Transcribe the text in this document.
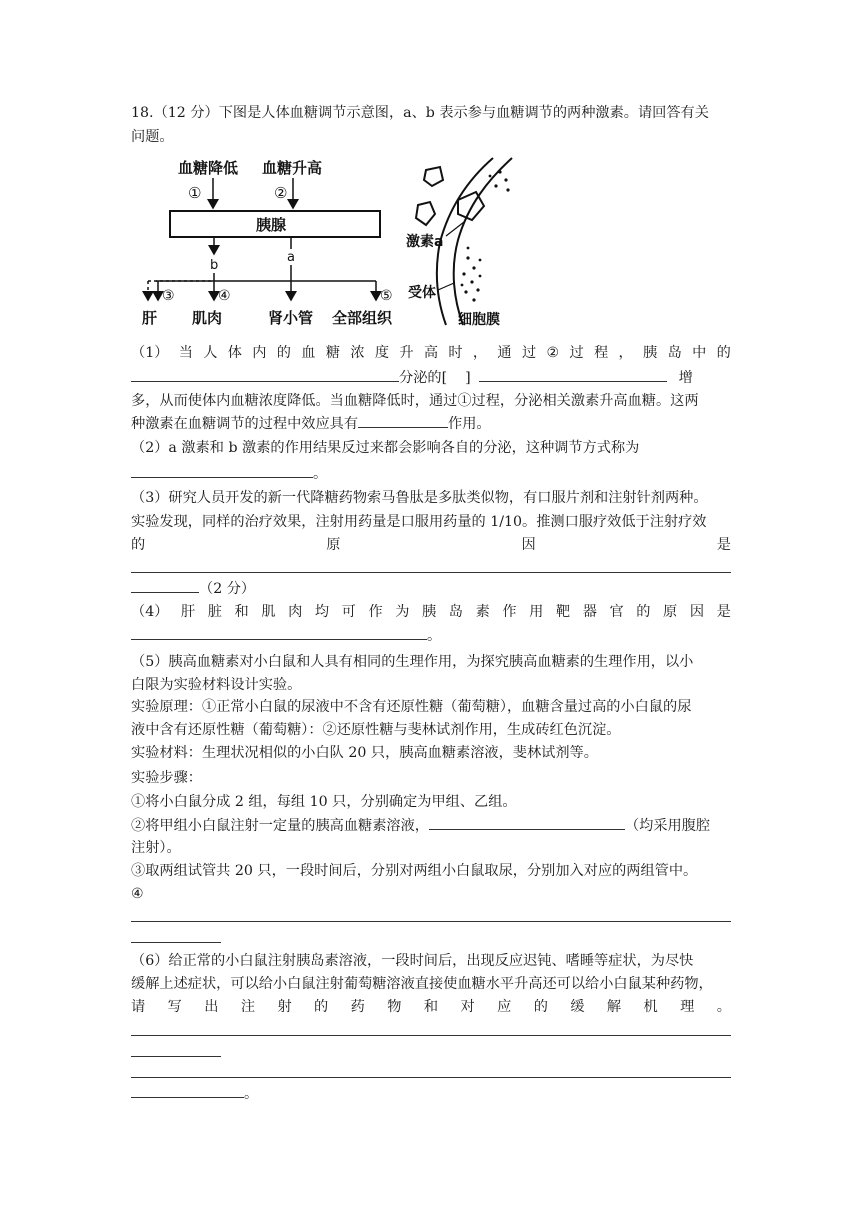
18.（12 分）下图是人体血糖调节示意图，a、b 表示参与血糖调节的两种激素。请回答有关
问题。
血糖降低 血糖升高
①	②
胰腺
b
a
③	④	⑤
肝 肌肉	肾小管 全部组织
激素a
受体
细胞膜
（1） 当 人 体 内 的 血 糖 浓 度 升 高 时 ， 通 过 ② 过 程 ， 胰 岛 中 的
分泌的[ ]	增
多，从而使体内血糖浓度降低。当血糖降低时，通过①过程，分泌相关激素升高血糖。这两
种激素在血糖调节的过程中效应具有	作用。
（2）a 激素和 b 激素的作用结果反过来都会影响各自的分泌，这种调节方式称为
。
（3）研究人员开发的新一代降糖药物索马鲁肽是多肽类似物，有口服片剂和注射针剂两种。
实验发现，同样的治疗效果，注射用药量是口服用药量的 1/10。推测口服疗效低于注射疗效
的	原	因	是
（2 分）
（4） 肝 脏 和 肌 肉 均 可 作 为 胰 岛 素 作 用 靶 器 官 的 原 因 是
。
（5）胰高血糖素对小白鼠和人具有相同的生理作用，为探究胰高血糖素的生理作用，以小
白限为实验材料设计实验。
实验原理：①正常小白鼠的尿液中不含有还原性糖（葡萄糖），血糖含量过高的小白鼠的尿
液中含有还原性糖（葡萄糖）：②还原性糖与斐林试剂作用，生成砖红色沉淀。
实验材料：生理状况相似的小白队 20 只，胰高血糖素溶液，斐林试剂等。
实验步骤：
①将小白鼠分成 2 组，每组 10 只，分别确定为甲组、乙组。
②将甲组小白鼠注射一定量的胰高血糖素溶液，	（均采用腹腔
注射）。
③取两组试管共 20 只，一段时间后，分别对两组小白鼠取尿，分别加入对应的两组管中。
④
（6）给正常的小白鼠注射胰岛素溶液，一段时间后，出现反应迟钝、嗜睡等症状，为尽快
缓解上述症状，可以给小白鼠注射葡萄糖溶液直接使血糖水平升高还可以给小白鼠某种药物，
请 写 出 注 射 的 药 物 和 对 应 的 缓 解 机 理 。
。
